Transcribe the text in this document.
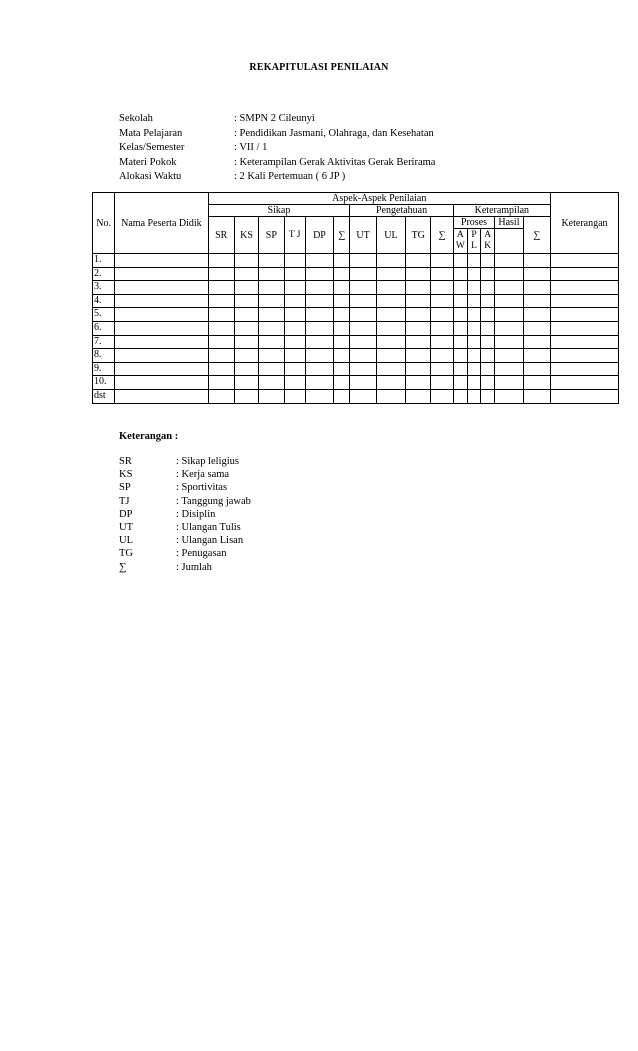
REKAPITULASI PENILAIAN
Sekolah	: SMPN 2 Cileunyi
Mata Pelajaran	: Pendidikan Jasmani, Olahraga, dan Kesehatan
Kelas/Semester	: VII / 1
Materi Pokok	: Keterampilan Gerak Aktivitas Gerak Berirama
Alokasi Waktu	: 2 Kali Pertemuan ( 6 JP )
No.	Nama Peserta Didik	Aspek-Aspek Penilaian															Keterangan
		Sikap						Pengetahuan				Keterampilan					
		SR	KS	SP	T J	DP	∑	UT	UL	TG	∑	Proses			Hasil	∑	
												A W	P L	A K			
1.																	
2.																	
3.																	
4.																	
5.																	
6.																	
7.																	
8.																	
9.																	
10.																	
dst																	
Keterangan :
SR	: Sikap leligius
KS	: Kerja sama
SP	: Sportivitas
TJ	: Tanggung jawab
DP	: Disiplin
UT	: Ulangan Tulis
UL	: Ulangan Lisan
TG	: Penugasan
∑	: Jumlah
